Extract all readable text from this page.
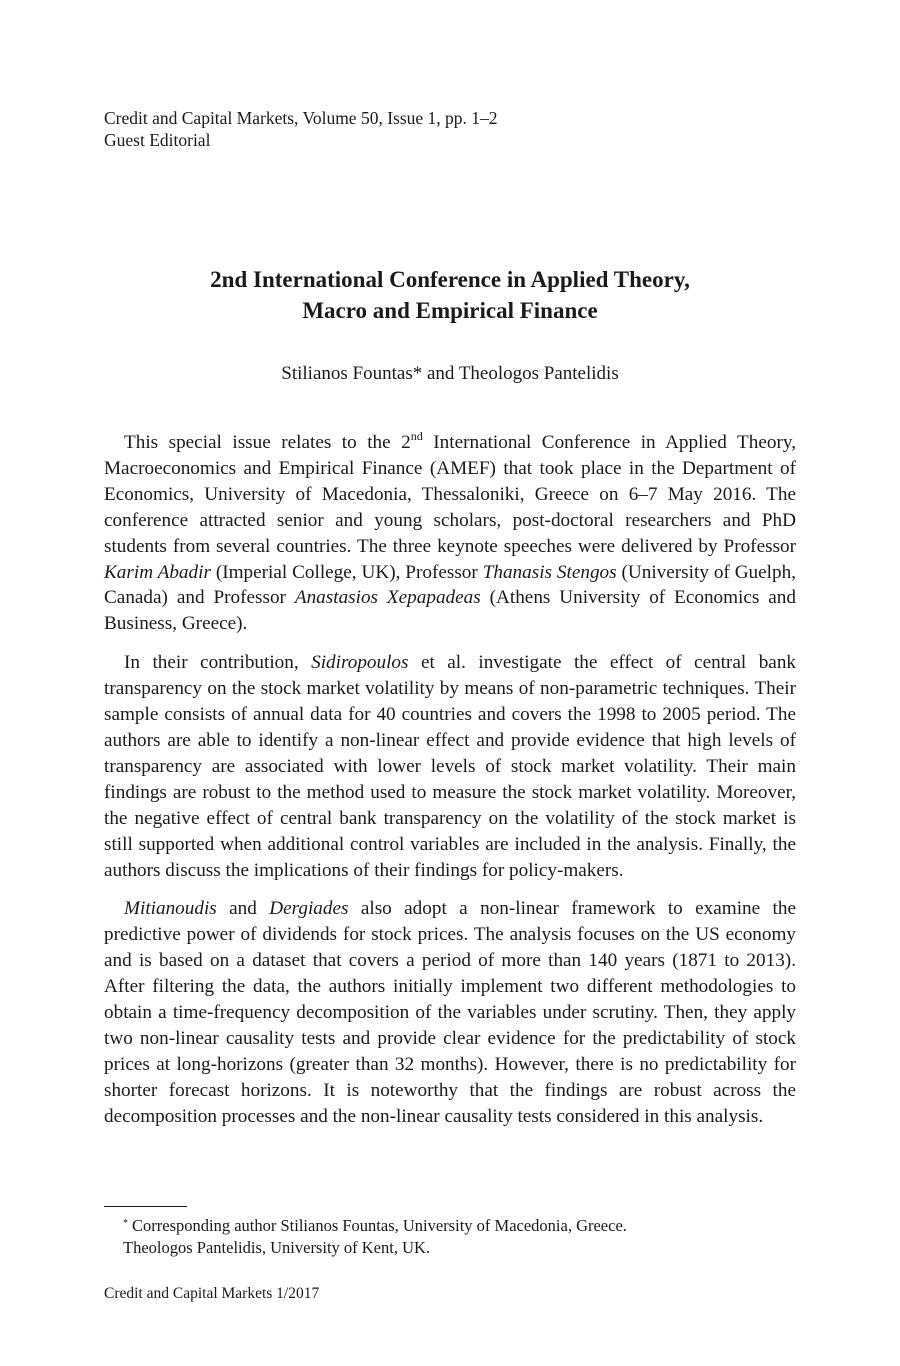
Credit and Capital Markets, Volume 50, Issue 1, pp. 1–2
Guest Editorial
2nd International Conference in Applied Theory,
Macro and Empirical Finance
Stilianos Fountas* and Theologos Pantelidis

This special issue relates to the 2nd International Conference in Applied Theory, Macroeconomics and Empirical Finance (AMEF) that took place in the Department of Economics, University of Macedonia, Thessaloniki, Greece on 6–7 May 2016. The conference attracted senior and young scholars, post-doctoral researchers and PhD students from several countries. The three keynote speeches were delivered by Professor Karim Abadir (Imperial College, UK), Professor Thanasis Stengos (University of Guelph, Canada) and Professor Anastasios Xepapadeas (Athens University of Economics and Business, Greece).

In their contribution, Sidiropoulos et al. investigate the effect of central bank transparency on the stock market volatility by means of non-parametric techniques. Their sample consists of annual data for 40 countries and covers the 1998 to 2005 period. The authors are able to identify a non-linear effect and provide evidence that high levels of transparency are associated with lower levels of stock market volatility. Their main findings are robust to the method used to measure the stock market volatility. Moreover, the negative effect of central bank transparency on the volatility of the stock market is still supported when additional control variables are included in the analysis. Finally, the authors discuss the implications of their findings for policy-makers.

Mitianoudis and Dergiades also adopt a non-linear framework to examine the predictive power of dividends for stock prices. The analysis focuses on the US economy and is based on a dataset that covers a period of more than 140 years (1871 to 2013). After filtering the data, the authors initially implement two different methodologies to obtain a time-frequency decomposition of the variables under scrutiny. Then, they apply two non-linear causality tests and provide clear evidence for the predictability of stock prices at long-horizons (greater than 32 months). However, there is no predictability for shorter forecast horizons. It is noteworthy that the findings are robust across the decomposition processes and the non-linear causality tests considered in this analysis.

* Corresponding author Stilianos Fountas, University of Macedonia, Greece.
Theologos Pantelidis, University of Kent, UK.
Credit and Capital Markets 1/2017
